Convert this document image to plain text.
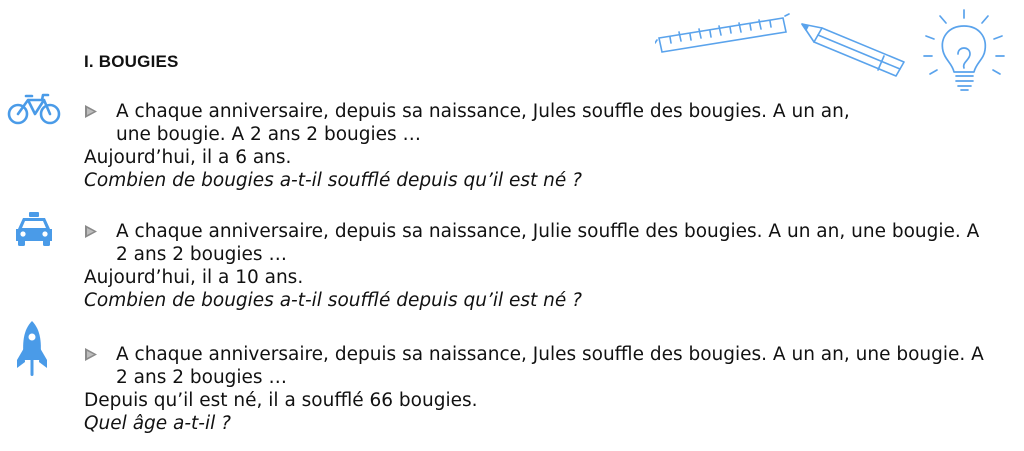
I. BOUGIES
A chaque anniversaire, depuis sa naissance, Jules souffle des bougies. A un an, une bougie. A 2 ans 2 bougies …
Aujourd’hui, il a 6 ans.
Combien de bougies a-t-il soufflé depuis qu’il est né ?
A chaque anniversaire, depuis sa naissance, Julie souffle des bougies. A un an, une bougie. A 2 ans 2 bougies …
Aujourd’hui, il a 10 ans.
Combien de bougies a-t-il soufflé depuis qu’il est né ?
A chaque anniversaire, depuis sa naissance, Jules souffle des bougies. A un an, une bougie. A 2 ans 2 bougies …
Depuis qu’il est né, il a soufflé 66 bougies.
Quel âge a-t-il ?
